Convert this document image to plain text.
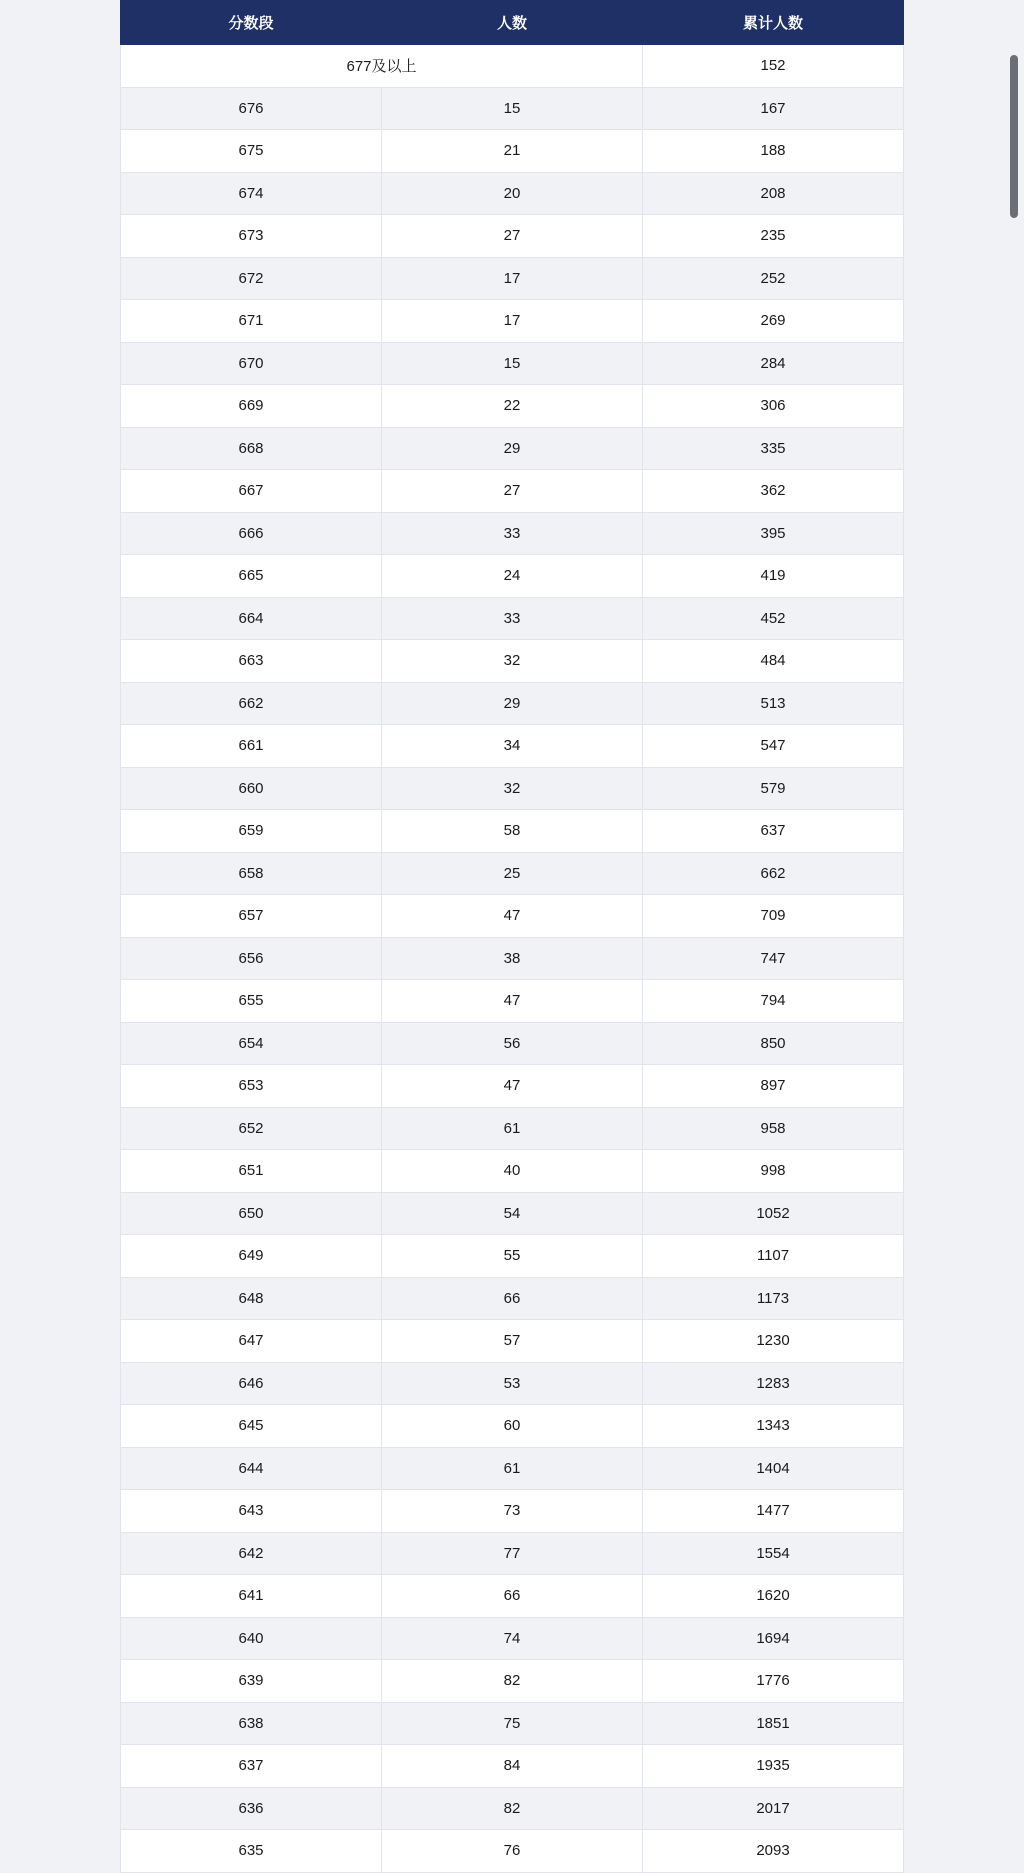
分数段	人数	累计人数
677及以上		152
676	15	167
675	21	188
674	20	208
673	27	235
672	17	252
671	17	269
670	15	284
669	22	306
668	29	335
667	27	362
666	33	395
665	24	419
664	33	452
663	32	484
662	29	513
661	34	547
660	32	579
659	58	637
658	25	662
657	47	709
656	38	747
655	47	794
654	56	850
653	47	897
652	61	958
651	40	998
650	54	1052
649	55	1107
648	66	1173
647	57	1230
646	53	1283
645	60	1343
644	61	1404
643	73	1477
642	77	1554
641	66	1620
640	74	1694
639	82	1776
638	75	1851
637	84	1935
636	82	2017
635	76	2093
